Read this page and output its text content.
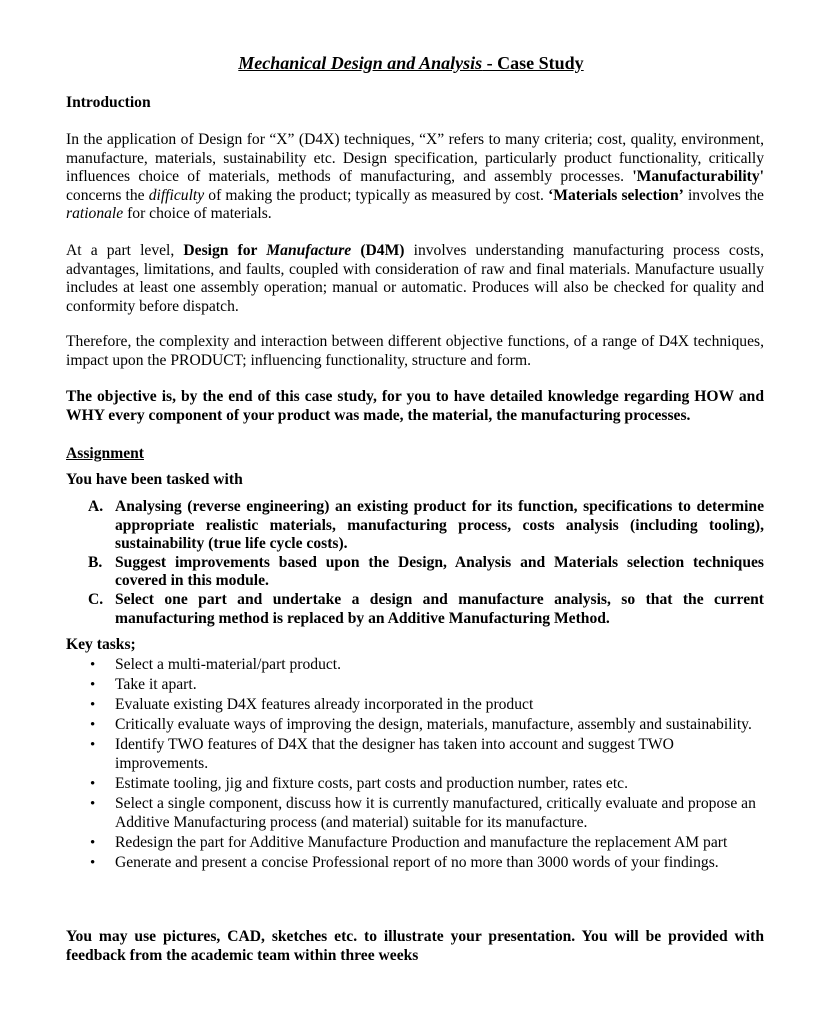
Mechanical Design and Analysis - Case Study

Introduction

In the application of Design for “X” (D4X) techniques, “X” refers to many criteria; cost, quality, environment, manufacture, materials, sustainability etc. Design specification, particularly product functionality, critically influences choice of materials, methods of manufacturing, and assembly processes. 'Manufacturability' concerns the difficulty of making the product; typically as measured by cost. ‘Materials selection’ involves the rationale for choice of materials.

At a part level, Design for Manufacture (D4M) involves understanding manufacturing process costs, advantages, limitations, and faults, coupled with consideration of raw and final materials. Manufacture usually includes at least one assembly operation; manual or automatic. Produces will also be checked for quality and conformity before dispatch.

Therefore, the complexity and interaction between different objective functions, of a range of D4X techniques, impact upon the PRODUCT; influencing functionality, structure and form.

The objective is, by the end of this case study, for you to have detailed knowledge regarding HOW and WHY every component of your product was made, the material, the manufacturing processes.

Assignment

You have been tasked with

A. Analysing (reverse engineering) an existing product for its function, specifications to determine appropriate realistic materials, manufacturing process, costs analysis (including tooling), sustainability (true life cycle costs).
B. Suggest improvements based upon the Design, Analysis and Materials selection techniques covered in this module.
C. Select one part and undertake a design and manufacture analysis, so that the current manufacturing method is replaced by an Additive Manufacturing Method.

Key tasks;

• Select a multi-material/part product.
• Take it apart.
• Evaluate existing D4X features already incorporated in the product
• Critically evaluate ways of improving the design, materials, manufacture, assembly and sustainability.
• Identify TWO features of D4X that the designer has taken into account and suggest TWO improvements.
• Estimate tooling, jig and fixture costs, part costs and production number, rates etc.
• Select a single component, discuss how it is currently manufactured, critically evaluate and propose an Additive Manufacturing process (and material) suitable for its manufacture.
• Redesign the part for Additive Manufacture Production and manufacture the replacement AM part
• Generate and present a concise Professional report of no more than 3000 words of your findings.

You may use pictures, CAD, sketches etc. to illustrate your presentation. You will be provided with feedback from the academic team within three weeks
